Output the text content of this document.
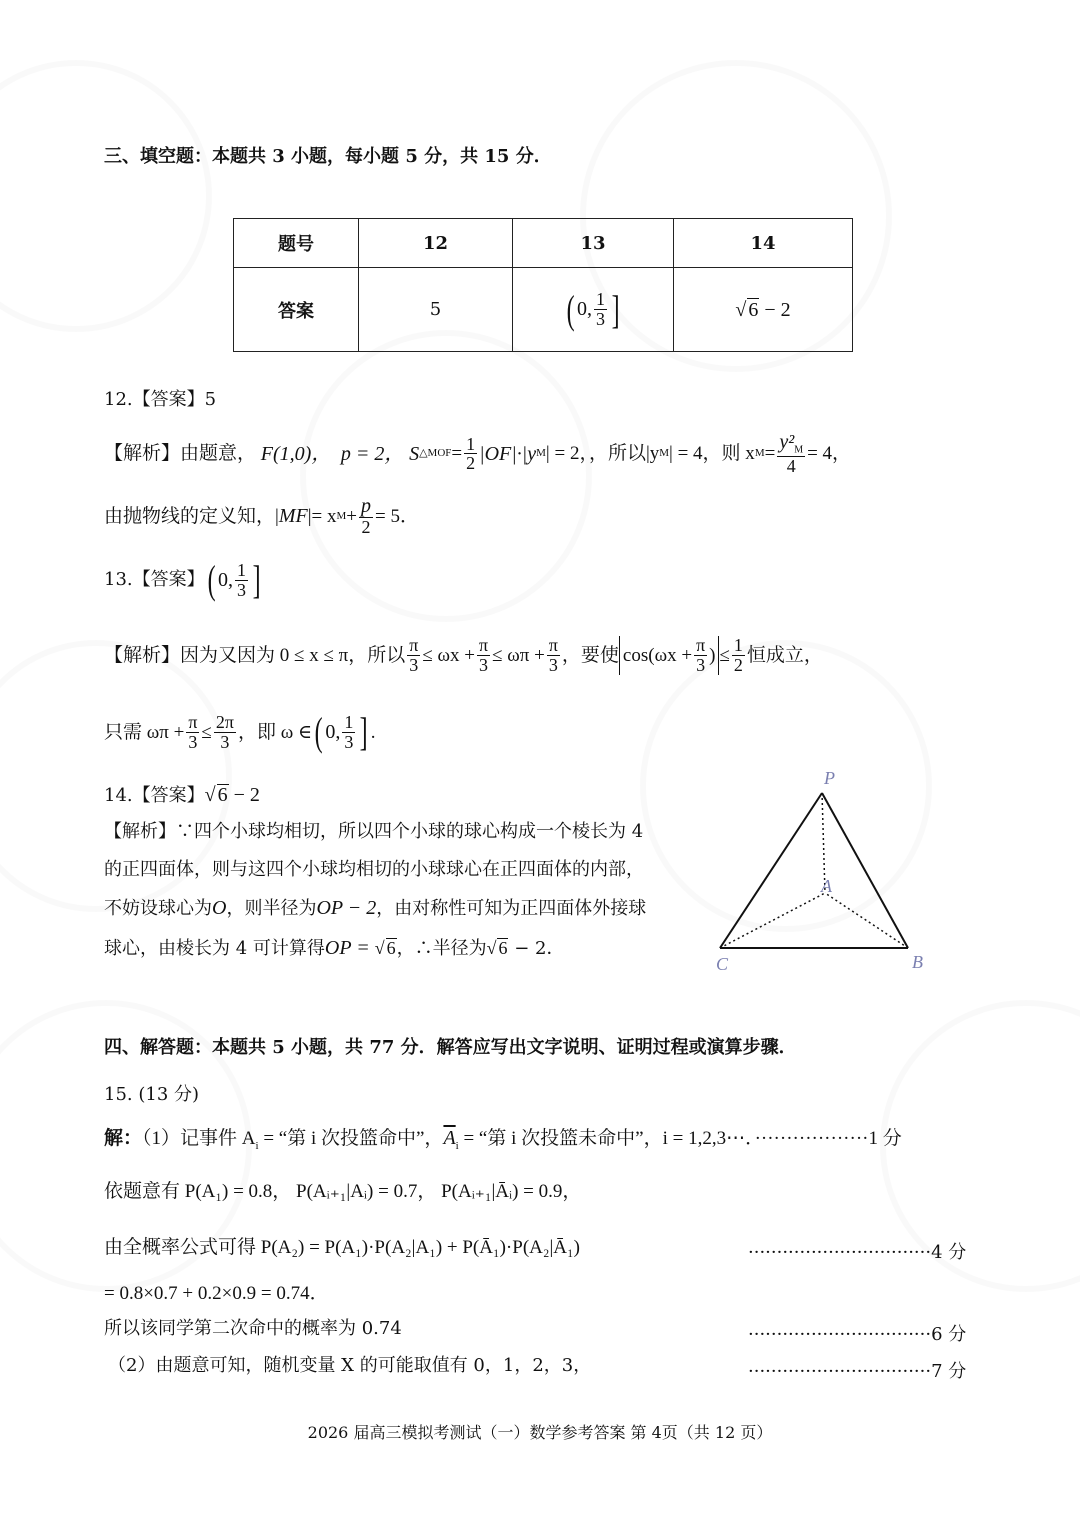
三、填空题：本题共 3 小题，每小题 5 分，共 15 分．
题号	12	13	14
答案	5	( 0, $\frac{1}{3}$ ]	√ 6 − 2
12.【答案】5
【解析】 由题意，
F(1,0)，
p = 2，
S △MOF = $\frac{1}{2} |OF|\cdot|y$ M | = 2，，所以|y M | = 4，则 x $M = \frac{y^2_M}{4} = 4$，
由抛物线的定义知，| MF |= x $M + \frac{p}{2} = 5$．
13.【答案】 ( 0, $\frac{1}{3}$ ]
【解析】 因为又因为 0 ≤ x ≤ π，所以 $\frac{\pi}{3} \le \omega x + \frac{\pi}{3} \le \omega\pi + \frac{\pi}{3}$ ，要使 $\cos(\omega x + \frac{\pi}{3}$ ) ≤ $\frac{1}{2}$ 恒成立，
只需 $\omega\pi + \frac{\pi}{3} \le \frac{2\pi}{3}$ ，即 ω ∈ ( 0, $\frac{1}{3}$ ] .
14.【答案】√ 6 − 2
【解析】∵四个小球均相切，所以四个小球的球心构成一个棱长为 4
的正四面体，则与这四个小球均相切的小球球心在正四面体的内部，
不妨设球心为O，则半径为OP − 2，由对称性可知为正四面体外接球
球心，由棱长为 4 可计算得OP = √ 6，∴半径为√ 6 − 2．
P
A
B
C
四、解答题：本题共 5 小题，共 77 分．解答应写出文字说明、证明过程或演算步骤．
15. (13 分)
解：（1）记事件 $A_i$ = “第 i 次投篮命中”，$\overline{A}_i$ = “第 i 次投篮未命中”，i = 1,2,3⋯．··················1 分
依题意有 P(A₁) = 0.8， P(Aᵢ₊₁|Aᵢ) = 0.7， P(Aᵢ₊₁|Āᵢ) = 0.9，
由全概率公式可得 P(A₂) = P(A₁)·P(A₂|A₁) + P(Ā₁)·P(A₂|Ā₁)	································4 分
= 0.8×0.7 + 0.2×0.9 = 0.74．
所以该同学第二次命中的概率为 0.74	································6 分
（2）由题意可知，随机变量 X 的可能取值有 0，1，2，3，	································7 分
2026 届高三模拟考测试（一）数学参考答案 第 4页（共 12 页）
